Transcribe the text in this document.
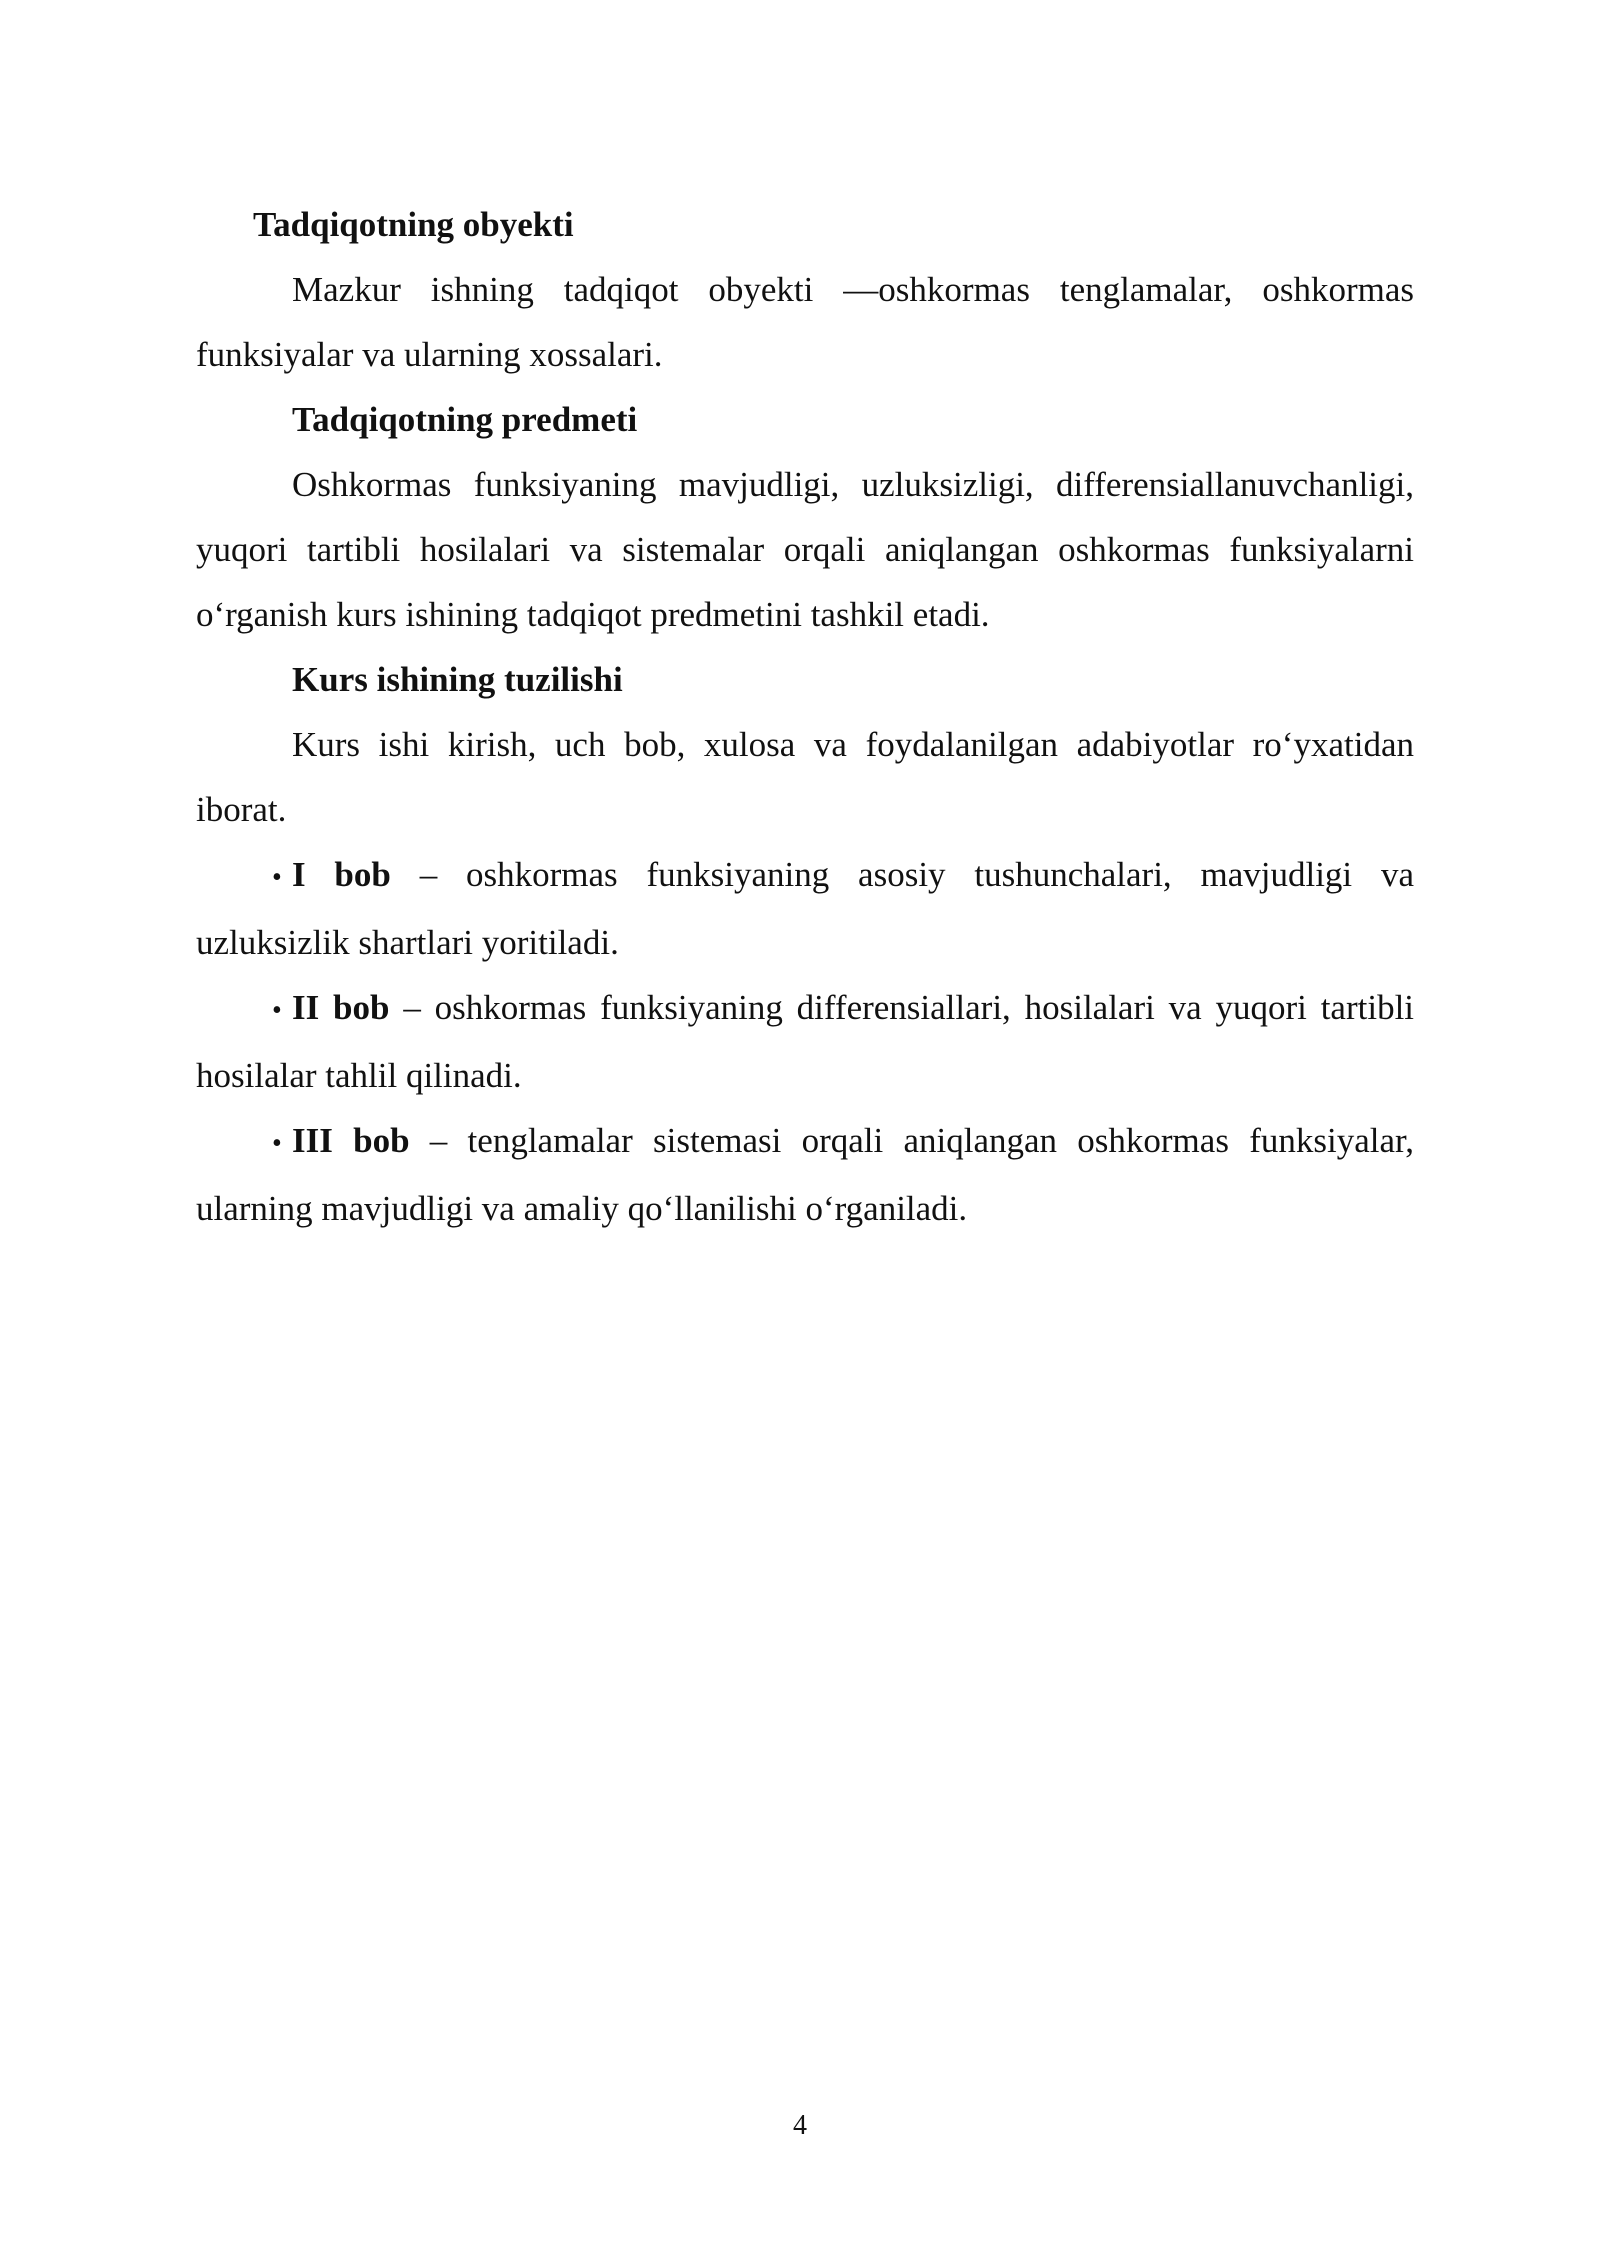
Tadqiqotning obyekti

Mazkur ishning tadqiqot obyekti —oshkormas tenglamalar, oshkormas funksiyalar va ularning xossalari.

Tadqiqotning predmeti

Oshkormas funksiyaning mavjudligi, uzluksizligi, differensiallanuvchanligi, yuqori tartibli hosilalari va sistemalar orqali aniqlangan oshkormas funksiyalarni o‘rganish kurs ishining tadqiqot predmetini tashkil etadi.

Kurs ishining tuzilishi

Kurs ishi kirish, uch bob, xulosa va foydalanilgan adabiyotlar ro‘yxatidan iborat.

• I bob – oshkormas funksiyaning asosiy tushunchalari, mavjudligi va uzluksizlik shartlari yoritiladi.

• II bob – oshkormas funksiyaning differensiallari, hosilalari va yuqori tartibli hosilalar tahlil qilinadi.

• III bob – tenglamalar sistemasi orqali aniqlangan oshkormas funksiyalar, ularning mavjudligi va amaliy qo‘llanilishi o‘rganiladi.

4
